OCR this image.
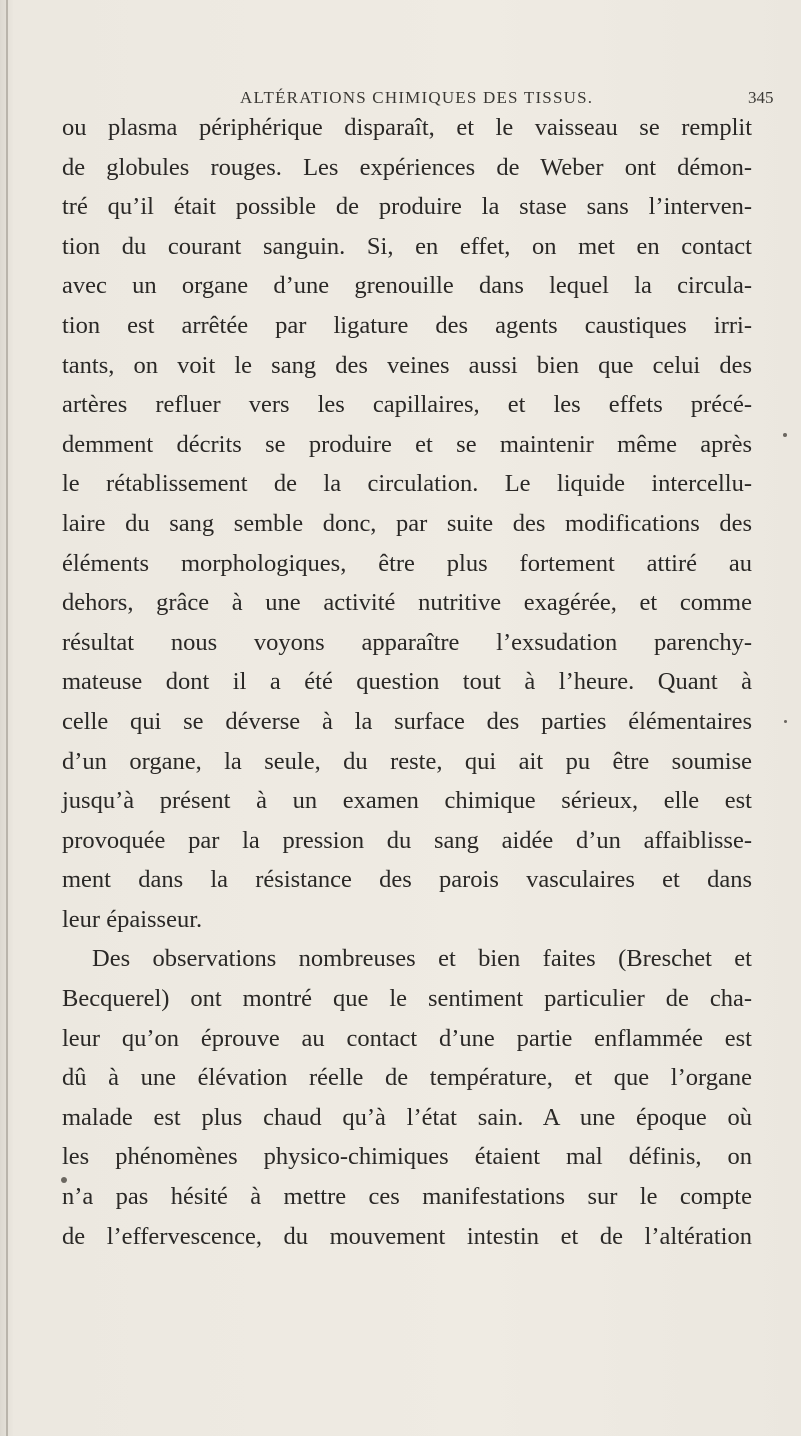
ALTÉRATIONS CHIMIQUES DES TISSUS.	345
ou plasma périphérique disparaît, et le vaisseau se remplit
de globules rouges. Les expériences de Weber ont démon-
tré qu’il était possible de produire la stase sans l’interven-
tion du courant sanguin. Si, en effet, on met en contact
avec un organe d’une grenouille dans lequel la circula-
tion est arrêtée par ligature des agents caustiques irri-
tants, on voit le sang des veines aussi bien que celui des
artères refluer vers les capillaires, et les effets précé-
demment décrits se produire et se maintenir même après
le rétablissement de la circulation. Le liquide intercellu-
laire du sang semble donc, par suite des modifications des
éléments morphologiques, être plus fortement attiré au
dehors, grâce à une activité nutritive exagérée, et comme
résultat nous voyons apparaître l’exsudation parenchy-
mateuse dont il a été question tout à l’heure. Quant à
celle qui se déverse à la surface des parties élémentaires
d’un organe, la seule, du reste, qui ait pu être soumise
jusqu’à présent à un examen chimique sérieux, elle est
provoquée par la pression du sang aidée d’un affaiblisse-
ment dans la résistance des parois vasculaires et dans
leur épaisseur.
Des observations nombreuses et bien faites (Breschet et
Becquerel) ont montré que le sentiment particulier de cha-
leur qu’on éprouve au contact d’une partie enflammée est
dû à une élévation réelle de température, et que l’organe
malade est plus chaud qu’à l’état sain. A une époque où
les phénomènes physico-chimiques étaient mal définis, on
n’a pas hésité à mettre ces manifestations sur le compte
de l’effervescence, du mouvement intestin et de l’altération
